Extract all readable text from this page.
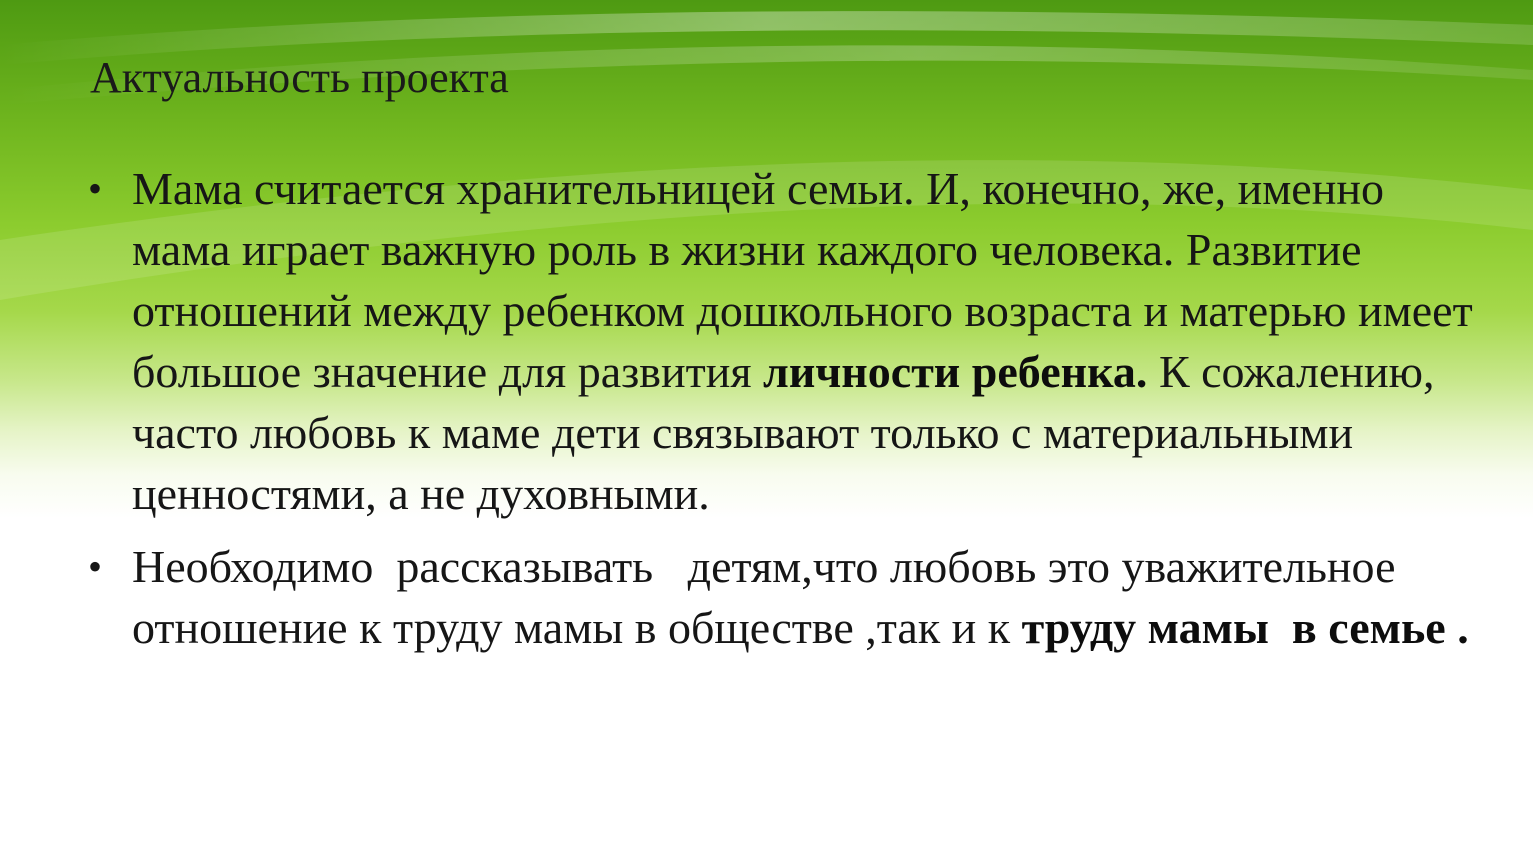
Актуальность проекта
• Мама считается хранительницей семьи. И, конечно, же, именно мама играет важную роль в жизни каждого человека. Развитие отношений между ребенком дошкольного возраста и матерью имеет большое значение для развития личности ребенка. К сожалению, часто любовь к маме дети связывают только с материальными ценностями, а не духовными.
• Необходимо  рассказывать   детям,что любовь это уважительное отношение к труду мамы в обществе ,так и к труду мамы  в семье .
